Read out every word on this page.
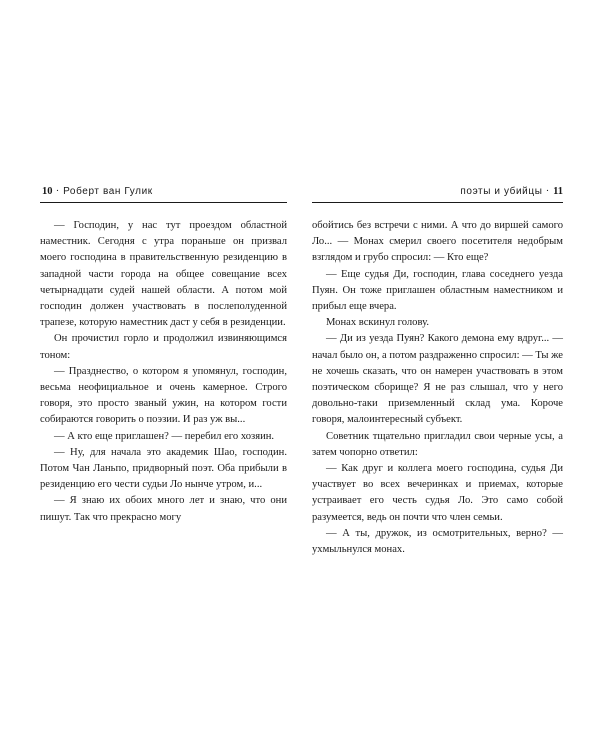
10 · Роберт ван Гулик

— Господин, у нас тут проездом областной наместник. Сегодня с утра пораньше он призвал моего господина в правительственную резиденцию в западной части города на общее совещание всех четырнадцати судей нашей области. А потом мой господин должен участвовать в послеполуденной трапезе, которую наместник даст у себя в резиденции.

Он прочистил горло и продолжил извиняющимся тоном:

— Празднество, о котором я упомянул, господин, весьма неофициальное и очень камерное. Строго говоря, это просто званый ужин, на котором гости собираются говорить о поэзии. И раз уж вы...

— А кто еще приглашен? — перебил его хозяин.

— Ну, для начала это академик Шао, господин. Потом Чан Ланьпо, придворный поэт. Оба прибыли в резиденцию его чести судьи Ло нынче утром, и...

— Я знаю их обоих много лет и знаю, что они пишут. Так что прекрасно могу

поэты и убийцы · 11

обойтись без встречи с ними. А что до виршей самого Ло... — Монах смерил своего посетителя недобрым взглядом и грубо спросил: — Кто еще?

— Еще судья Ди, господин, глава соседнего уезда Пуян. Он тоже приглашен областным наместником и прибыл еще вчера.

Монах вскинул голову.

— Ди из уезда Пуян? Какого демона ему вдруг... — начал было он, а потом раздраженно спросил: — Ты же не хочешь сказать, что он намерен участвовать в этом поэтическом сборище? Я не раз слышал, что у него довольно-таки приземленный склад ума. Короче говоря, малоинтересный субъект.

Советник тщательно пригладил свои черные усы, а затем чопорно ответил:

— Как друг и коллега моего господина, судья Ди участвует во всех вечеринках и приемах, которые устраивает его честь судья Ло. Это само собой разумеется, ведь он почти что член семьи.

— А ты, дружок, из осмотрительных, верно? — ухмыльнулся монах.
